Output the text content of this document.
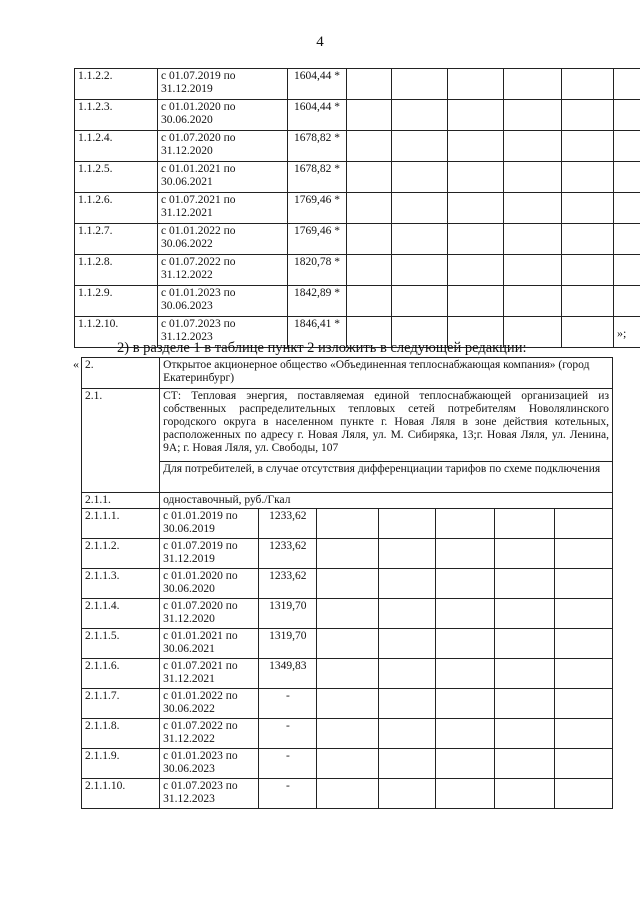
4
1.1.2.2.	с 01.07.2019 по 31.12.2019	1604,44 *						
1.1.2.3.	с 01.01.2020 по 30.06.2020	1604,44 *						
1.1.2.4.	с 01.07.2020 по 31.12.2020	1678,82 *						
1.1.2.5.	с 01.01.2021 по 30.06.2021	1678,82 *						
1.1.2.6.	с 01.07.2021 по 31.12.2021	1769,46 *						
1.1.2.7.	с 01.01.2022 по 30.06.2022	1769,46 *						
1.1.2.8.	с 01.07.2022 по 31.12.2022	1820,78 *						
1.1.2.9.	с 01.01.2023 по 30.06.2023	1842,89 *						
1.1.2.10.	с 01.07.2023 по 31.12.2023	1846,41 *						
»;
2) в разделе 1 в таблице пункт 2 изложить в следующей редакции:
« 2.	Открытое акционерное общество «Объединенная теплоснабжающая компания» (город Екатеринбург)						
2.1.	СТ: Тепловая энергия, поставляемая единой теплоснабжающей организацией из собственных распределительных тепловых сетей потребителям Новолялинского городского округа в населенном пункте г. Новая Ляля в зоне действия котельных, расположенных по адресу г. Новая Ляля, ул. М. Сибиряка, 13;г. Новая Ляля, ул. Ленина, 9А; г. Новая Ляля, ул. Свободы, 107						
	Для потребителей, в случае отсутствия дифференциации тарифов по схеме подключения						
2.1.1.	одноставочный, руб./Гкал						
2.1.1.1.	с 01.01.2019 по 30.06.2019	1233,62					
2.1.1.2.	с 01.07.2019 по 31.12.2019	1233,62					
2.1.1.3.	с 01.01.2020 по 30.06.2020	1233,62					
2.1.1.4.	с 01.07.2020 по 31.12.2020	1319,70					
2.1.1.5.	с 01.01.2021 по 30.06.2021	1319,70					
2.1.1.6.	с 01.07.2021 по 31.12.2021	1349,83					
2.1.1.7.	с 01.01.2022 по 30.06.2022	-					
2.1.1.8.	с 01.07.2022 по 31.12.2022	-					
2.1.1.9.	с 01.01.2023 по 30.06.2023	-					
2.1.1.10.	с 01.07.2023 по 31.12.2023	-					
